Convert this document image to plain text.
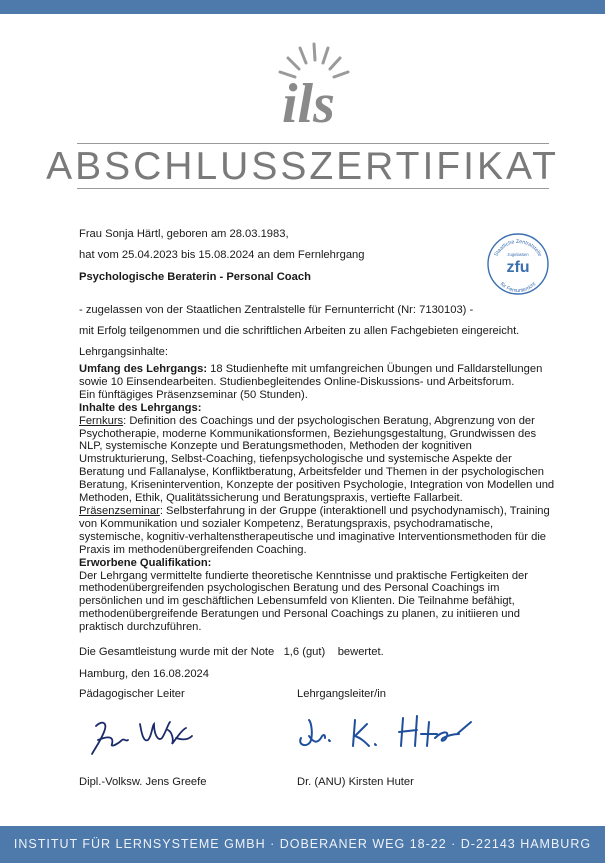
ils
ABSCHLUSSZERTIFIKAT
Staatliche Zentralstelle
zugelassen
zfu
für Fernunterricht
Frau Sonja Härtl, geboren am 28.03.1983,
hat vom 25.04.2023 bis 15.08.2024 an dem Fernlehrgang
Psychologische Beraterin - Personal Coach
- zugelassen von der Staatlichen Zentralstelle für Fernunterricht (Nr: 7130103) -
mit Erfolg teilgenommen und die schriftlichen Arbeiten zu allen Fachgebieten eingereicht.
Lehrgangsinhalte:
Umfang des Lehrgangs: 18 Studienhefte mit umfangreichen Übungen und Falldarstellungen
sowie 10 Einsendearbeiten. Studienbegleitendes Online-Diskussions- und Arbeitsforum.
Ein fünftägiges Präsenzseminar (50 Stunden).
Inhalte des Lehrgangs:
Fernkurs: Definition des Coachings und der psychologischen Beratung, Abgrenzung von der Psychotherapie, moderne Kommunikationsformen, Beziehungsgestaltung, Grundwissen des NLP, systemische Konzepte und Beratungsmethoden, Methoden der kognitiven Umstrukturierung, Selbst-Coaching, tiefenpsychologische und systemische Aspekte der Beratung und Fallanalyse, Konfliktberatung, Arbeitsfelder und Themen in der psychologischen Beratung, Krisenintervention, Konzepte der positiven Psychologie, Integration von Modellen und Methoden, Ethik, Qualitätssicherung und Beratungspraxis, vertiefte Fallarbeit.
Präsenzseminar: Selbsterfahrung in der Gruppe (interaktionell und psychodynamisch), Training von Kommunikation und sozialer Kompetenz, Beratungspraxis, psychodramatische, systemische, kognitiv-verhaltenstherapeutische und imaginative Interventionsmethoden für die Praxis im methodenübergreifenden Coaching.
Erworbene Qualifikation:
Der Lehrgang vermittelte fundierte theoretische Kenntnisse und praktische Fertigkeiten der methodenübergreifenden psychologischen Beratung und des Personal Coachings im persönlichen und im geschäftlichen Lebensumfeld von Klienten. Die Teilnahme befähigt, methodenübergreifende Beratungen und Personal Coachings zu planen, zu initiieren und praktisch durchzuführen.
Die Gesamtleistung wurde mit der Note 1,6 (gut) bewertet.
Hamburg, den 16.08.2024
Pädagogischer Leiter	Lehrgangsleiter/in
Dipl.-Volksw. Jens Greefe	Dr. (ANU) Kirsten Huter
INSTITUT FÜR LERNSYSTEME GMBH · DOBERANER WEG 18-22 · D-22143 HAMBURG
